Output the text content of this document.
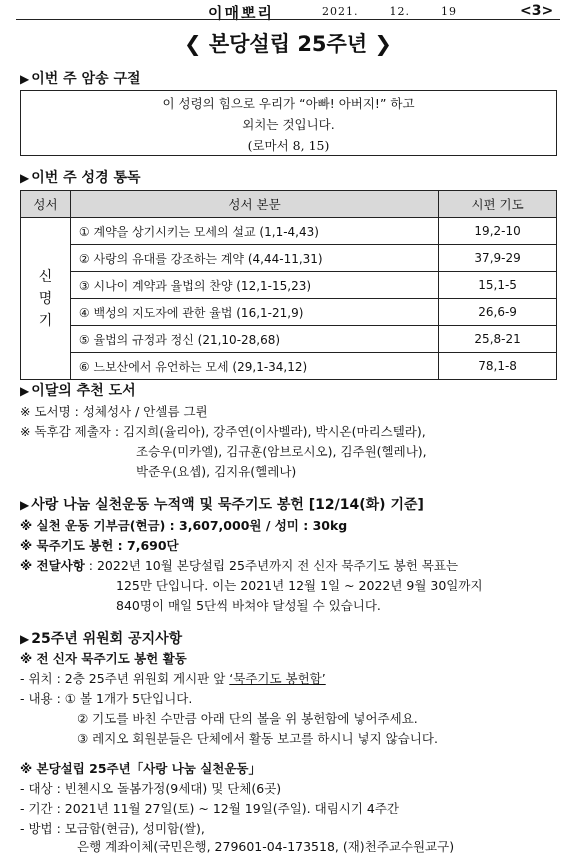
이매뽀리	2021.	12.	19	<3>
❮ 본당설립 25주년 ❯
▶ 이번 주 암송 구절
이 성령의 힘으로 우리가 “아빠! 아버지!” 하고
외치는 것입니다.
(로마서 8, 15)
▶ 이번 주 성경 통독
성서	성서 본문	시편 기도
신
명
기	① 계약을 상기시키는 모세의 설교 (1,1-4,43)	19,2-10
	② 사랑의 유대를 강조하는 계약 (4,44-11,31)	37,9-29
	③ 시나이 계약과 율법의 찬양 (12,1-15,23)	15,1-5
	④ 백성의 지도자에 관한 율법 (16,1-21,9)	26,6-9
	⑤ 율법의 규정과 정신 (21,10-28,68)	25,8-21
	⑥ 느보산에서 유언하는 모세 (29,1-34,12)	78,1-8
▶ 이달의 추천 도서
※ 도서명 : 성체성사 / 안셀름 그륀
※ 독후감 제출자 : 김지희(율리아), 강주연(이사벨라), 박시온(마리스텔라),
조승우(미카엘), 김규훈(암브로시오), 김주원(헬레나),
박준우(요셉), 김지유(헬레나)
▶ 사랑 나눔 실천운동 누적액 및 묵주기도 봉헌 [12/14(화) 기준]
※ 실천 운동 기부금(현금) : 3,607,000원 / 성미 : 30kg
※ 묵주기도 봉헌 : 7,690단
※ 전달사항 : 2022년 10월 본당설립 25주년까지 전 신자 묵주기도 봉헌 목표는
125만 단입니다. 이는 2021년 12월 1일 ~ 2022년 9월 30일까지
840명이 매일 5단씩 바쳐야 달성될 수 있습니다.
▶ 25주년 위원회 공지사항
※ 전 신자 묵주기도 봉헌 활동
- 위치 : 2층 25주년 위원회 게시판 앞 ‘묵주기도 봉헌함’
- 내용 : ① 볼 1개가 5단입니다.
② 기도를 바친 수만큼 아래 단의 볼을 위 봉헌함에 넣어주세요.
③ 레지오 회원분들은 단체에서 활동 보고를 하시니 넣지 않습니다.
※ 본당설립 25주년「사랑 나눔 실천운동」
- 대상 : 빈첸시오 돌봄가정(9세대) 및 단체(6곳)
- 기간 : 2021년 11월 27일(토) ~ 12월 19일(주일). 대림시기 4주간
- 방법 : 모금함(현금), 성미함(쌀),
은행 계좌이체(국민은행, 279601-04-173518, (재)천주교수원교구)
